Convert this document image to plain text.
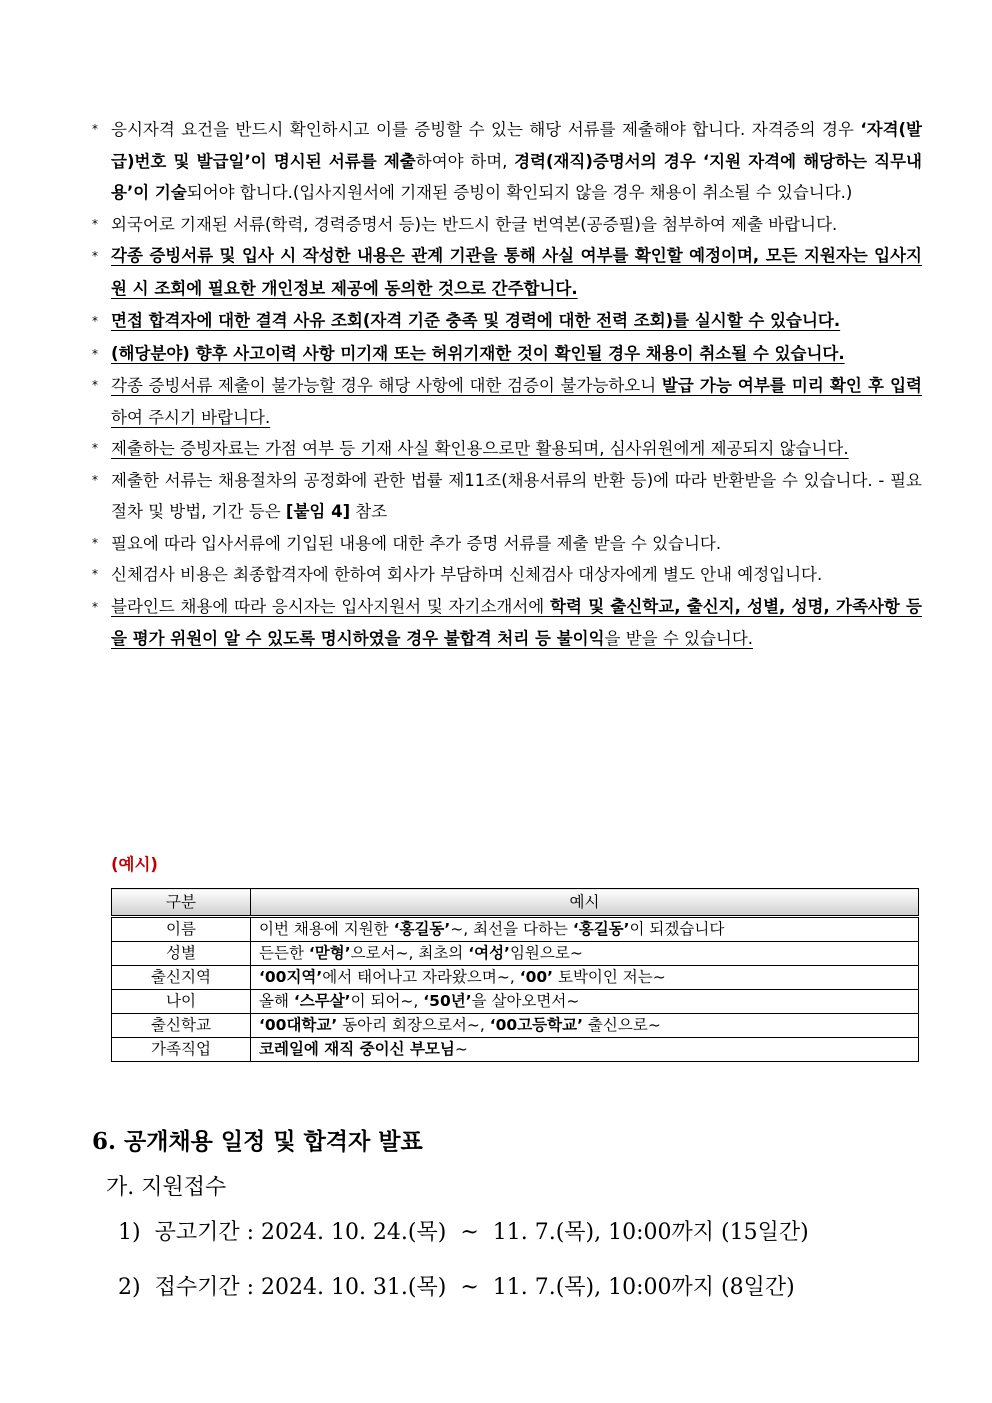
* 응시자격 요건을 반드시 확인하시고 이를 증빙할 수 있는 해당 서류를 제출해야 합니다. 자격증의 경우 ‘자격(발급)번호 및 발급일’이 명시된 서류를 제출하여야 하며, 경력(재직)증명서의 경우 ‘지원 자격에 해당하는 직무내용’이 기술되어야 합니다.(입사지원서에 기재된 증빙이 확인되지 않을 경우 채용이 취소될 수 있습니다.)
* 외국어로 기재된 서류(학력, 경력증명서 등)는 반드시 한글 번역본(공증필)을 첨부하여 제출 바랍니다.
* 각종 증빙서류 및 입사 시 작성한 내용은 관계 기관을 통해 사실 여부를 확인할 예정이며, 모든 지원자는 입사지원 시 조회에 필요한 개인정보 제공에 동의한 것으로 간주합니다.
* 면접 합격자에 대한 결격 사유 조회(자격 기준 충족 및 경력에 대한 전력 조회)를 실시할 수 있습니다.
* (해당분야) 향후 사고이력 사항 미기재 또는 허위기재한 것이 확인될 경우 채용이 취소될 수 있습니다.
* 각종 증빙서류 제출이 불가능할 경우 해당 사항에 대한 검증이 불가능하오니 발급 가능 여부를 미리 확인 후 입력하여 주시기 바랍니다.
* 제출하는 증빙자료는 가점 여부 등 기재 사실 확인용으로만 활용되며, 심사위원에게 제공되지 않습니다.
* 제출한 서류는 채용절차의 공정화에 관한 법률 제11조(채용서류의 반환 등)에 따라 반환받을 수 있습니다. - 필요 절차 및 방법, 기간 등은 [붙임 4] 참조
* 필요에 따라 입사서류에 기입된 내용에 대한 추가 증명 서류를 제출 받을 수 있습니다.
* 신체검사 비용은 최종합격자에 한하여 회사가 부담하며 신체검사 대상자에게 별도 안내 예정입니다.
* 블라인드 채용에 따라 응시자는 입사지원서 및 자기소개서에 학력 및 출신학교, 출신지, 성별, 성명, 가족사항 등을 평가 위원이 알 수 있도록 명시하였을 경우 불합격 처리 등 불이익을 받을 수 있습니다.
(예시)
구분	예시
이름	이번 채용에 지원한 ‘홍길동’~, 최선을 다하는 ‘홍길동’이 되겠습니다
성별	든든한 ‘맏형’으로서~, 최초의 ‘여성’임원으로~
출신지역	‘00지역’에서 태어나고 자라왔으며~, ‘00’ 토박이인 저는~
나이	올해 ‘스무살’이 되어~, ‘50년’을 살아오면서~
출신학교	‘00대학교’ 동아리 회장으로서~, ‘00고등학교’ 출신으로~
가족직업	코레일에 재직 중이신 부모님~
6. 공개채용 일정 및 합격자 발표
가. 지원접수
1)  공고기간 : 2024. 10. 24.(목)  ~  11. 7.(목), 10:00까지 (15일간)
2)  접수기간 : 2024. 10. 31.(목)  ~  11. 7.(목), 10:00까지 (8일간)
